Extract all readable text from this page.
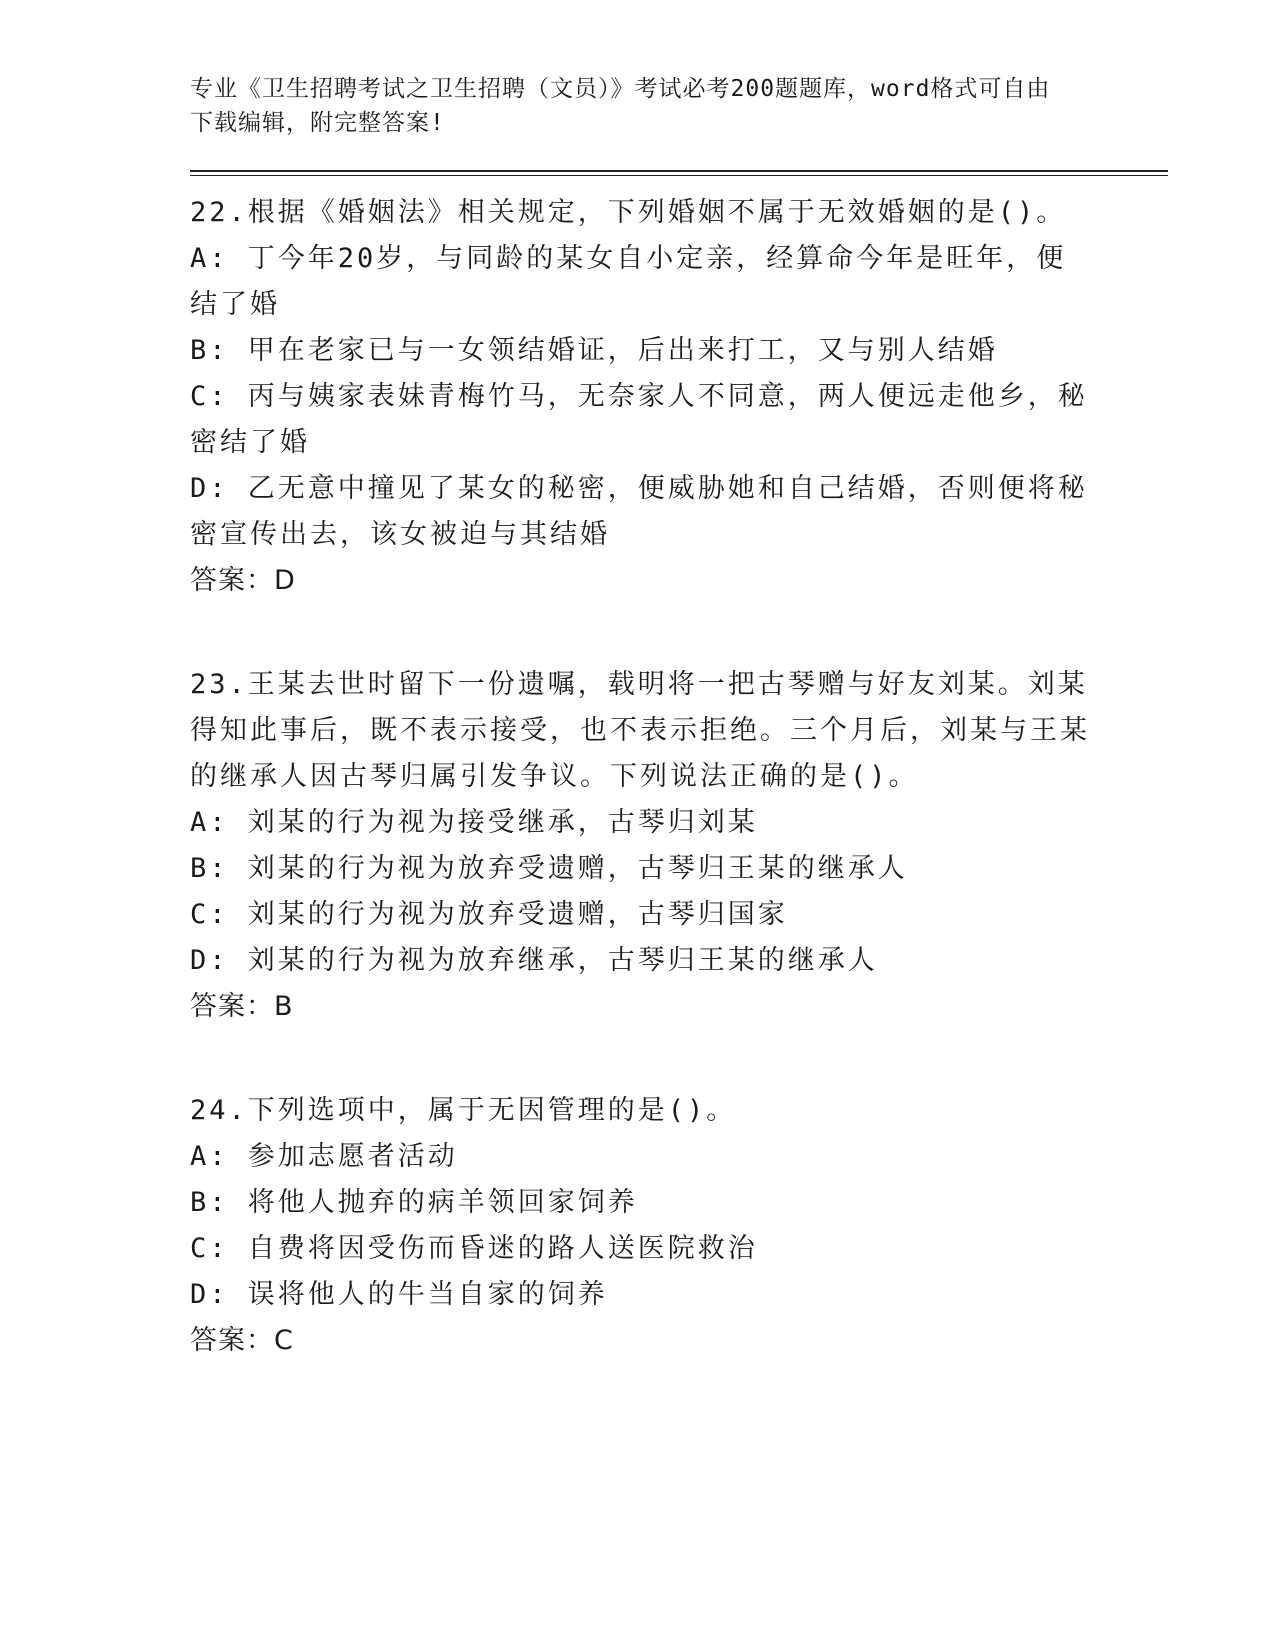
专业《卫生招聘考试之卫生招聘（文员）》考试必考200题题库，word格式可自由下载编辑，附完整答案!
22.根据《婚姻法》相关规定，下列婚姻不属于无效婚姻的是()。
A: 丁今年20岁，与同龄的某女自小定亲，经算命今年是旺年，便结了婚
B: 甲在老家已与一女领结婚证，后出来打工，又与别人结婚
C: 丙与姨家表妹青梅竹马，无奈家人不同意，两人便远走他乡，秘密结了婚
D: 乙无意中撞见了某女的秘密，便威胁她和自己结婚，否则便将秘密宣传出去，该女被迫与其结婚
答案：D
23.王某去世时留下一份遗嘱，载明将一把古琴赠与好友刘某。刘某得知此事后，既不表示接受，也不表示拒绝。三个月后，刘某与王某的继承人因古琴归属引发争议。下列说法正确的是()。
A: 刘某的行为视为接受继承，古琴归刘某
B: 刘某的行为视为放弃受遗赠，古琴归王某的继承人
C: 刘某的行为视为放弃受遗赠，古琴归国家
D: 刘某的行为视为放弃继承，古琴归王某的继承人
答案：B
24.下列选项中，属于无因管理的是()。
A: 参加志愿者活动
B: 将他人抛弃的病羊领回家饲养
C: 自费将因受伤而昏迷的路人送医院救治
D: 误将他人的牛当自家的饲养
答案：C
